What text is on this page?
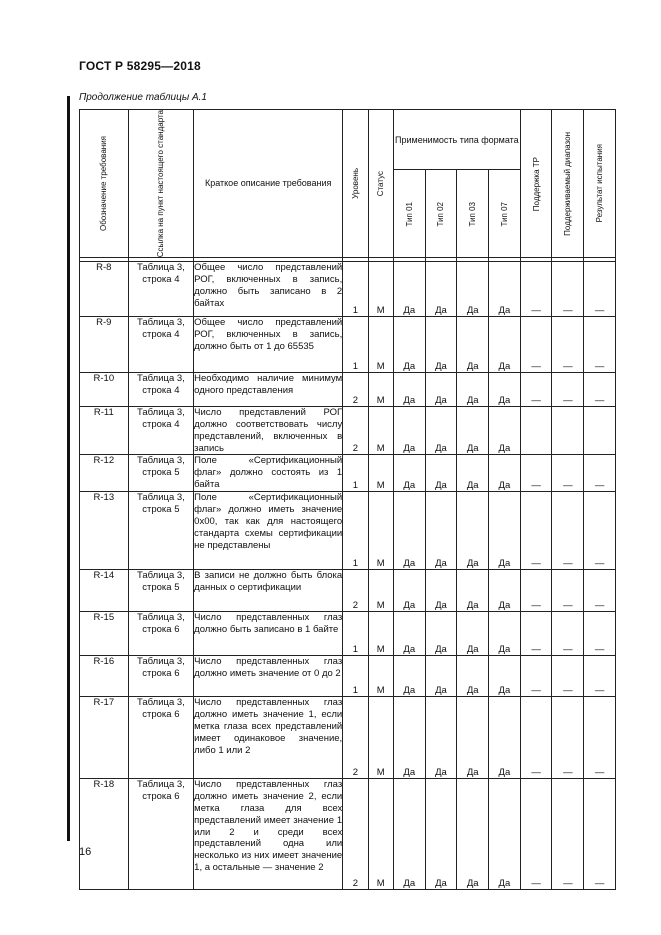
ГОСТ Р 58295—2018
Продолжение таблицы А.1
Обозначение требования	Ссылка на пункт настоящего стандарта	Краткое описание требования	Уровень	Статус	Применимость типа формата				Поддержка ТР	Поддерживаемый диапазон	Результат испытания

					Тип 01	Тип 02	Тип 03	Тип 07			

R-8	Таблица 3, строка 4	Общее число представлений РОГ, включенных в запись, должно быть записано в 2 байтах	1	М	Да	Да	Да	Да	—	—	—
R-9	Таблица 3, строка 4	Общее число представлений РОГ, включенных в запись, должно быть от 1 до 65535	1	М	Да	Да	Да	Да	—	—	—
R-10	Таблица 3, строка 4	Необходимо наличие минимум одного представления	2	М	Да	Да	Да	Да	—	—	—
R-11	Таблица 3, строка 4	Число представлений РОГ должно соответствовать числу представлений, включенных в запись	2	М	Да	Да	Да	Да			
R-12	Таблица 3, строка 5	Поле «Сертификационный флаг» должно состоять из 1 байта	1	М	Да	Да	Да	Да	—	—	—
R-13	Таблица 3, строка 5	Поле «Сертификационный флаг» должно иметь значение 0x00, так как для настоящего стандарта схемы сертификации не представлены	1	М	Да	Да	Да	Да	—	—	—
R-14	Таблица 3, строка 5	В записи не должно быть блока данных о сертификации	2	М	Да	Да	Да	Да	—	—	—
R-15	Таблица 3, строка 6	Число представленных глаз должно быть записано в 1 байте	1	М	Да	Да	Да	Да	—	—	—
R-16	Таблица 3, строка 6	Число представленных глаз должно иметь значение от 0 до 2	1	М	Да	Да	Да	Да	—	—	—
R-17	Таблица 3, строка 6	Число представленных глаз должно иметь значение 1, если метка глаза всех представлений имеет одинаковое значение, либо 1 или 2	2	М	Да	Да	Да	Да	—	—	—
R-18	Таблица 3, строка 6	Число представленных глаз должно иметь значение 2, если метка глаза для всех представлений имеет значение 1 или 2 и среди всех представлений одна или несколько из них имеет значение 1, а остальные — значение 2	2	М	Да	Да	Да	Да	—	—	—
16
